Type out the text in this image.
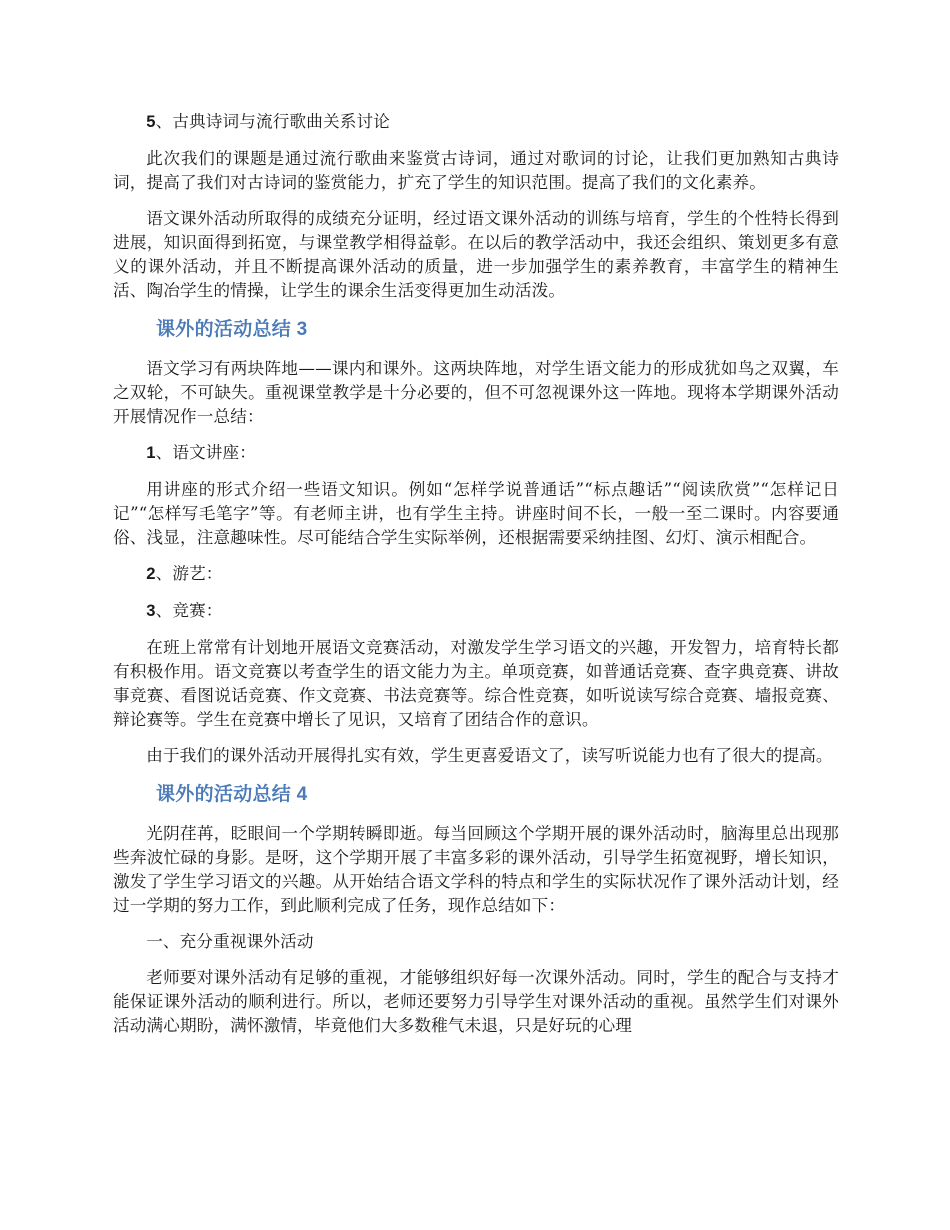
5、古典诗词与流行歌曲关系讨论

此次我们的课题是通过流行歌曲来鉴赏古诗词，通过对歌词的讨论，让我们更加熟知古典诗词，提高了我们对古诗词的鉴赏能力，扩充了学生的知识范围。提高了我们的文化素养。

语文课外活动所取得的成绩充分证明，经过语文课外活动的训练与培育，学生的个性特长得到进展，知识面得到拓宽，与课堂教学相得益彰。在以后的教学活动中，我还会组织、策划更多有意义的课外活动，并且不断提高课外活动的质量，进一步加强学生的素养教育，丰富学生的精神生活、陶冶学生的情操，让学生的课余生活变得更加生动活泼。

课外的活动总结 3

语文学习有两块阵地——课内和课外。这两块阵地，对学生语文能力的形成犹如鸟之双翼，车之双轮，不可缺失。重视课堂教学是十分必要的，但不可忽视课外这一阵地。现将本学期课外活动开展情况作一总结：

1、语文讲座：

用讲座的形式介绍一些语文知识。例如“怎样学说普通话”“标点趣话”“阅读欣赏”“怎样记日记”“怎样写毛笔字”等。有老师主讲，也有学生主持。讲座时间不长，一般一至二课时。内容要通俗、浅显，注意趣味性。尽可能结合学生实际举例，还根据需要采纳挂图、幻灯、演示相配合。

2、游艺：

3、竞赛：

在班上常常有计划地开展语文竞赛活动，对激发学生学习语文的兴趣，开发智力，培育特长都有积极作用。语文竞赛以考查学生的语文能力为主。单项竞赛，如普通话竞赛、查字典竞赛、讲故事竞赛、看图说话竞赛、作文竞赛、书法竞赛等。综合性竞赛，如听说读写综合竞赛、墙报竞赛、辩论赛等。学生在竞赛中增长了见识，又培育了团结合作的意识。

由于我们的课外活动开展得扎实有效，学生更喜爱语文了，读写听说能力也有了很大的提高。

课外的活动总结 4

光阴荏苒，眨眼间一个学期转瞬即逝。每当回顾这个学期开展的课外活动时，脑海里总出现那些奔波忙碌的身影。是呀，这个学期开展了丰富多彩的课外活动，引导学生拓宽视野，增长知识，激发了学生学习语文的兴趣。从开始结合语文学科的特点和学生的实际状况作了课外活动计划，经过一学期的努力工作，到此顺利完成了任务，现作总结如下：

一、充分重视课外活动

老师要对课外活动有足够的重视，才能够组织好每一次课外活动。同时，学生的配合与支持才能保证课外活动的顺利进行。所以，老师还要努力引导学生对课外活动的重视。虽然学生们对课外活动满心期盼，满怀激情，毕竟他们大多数稚气未退，只是好玩的心理
